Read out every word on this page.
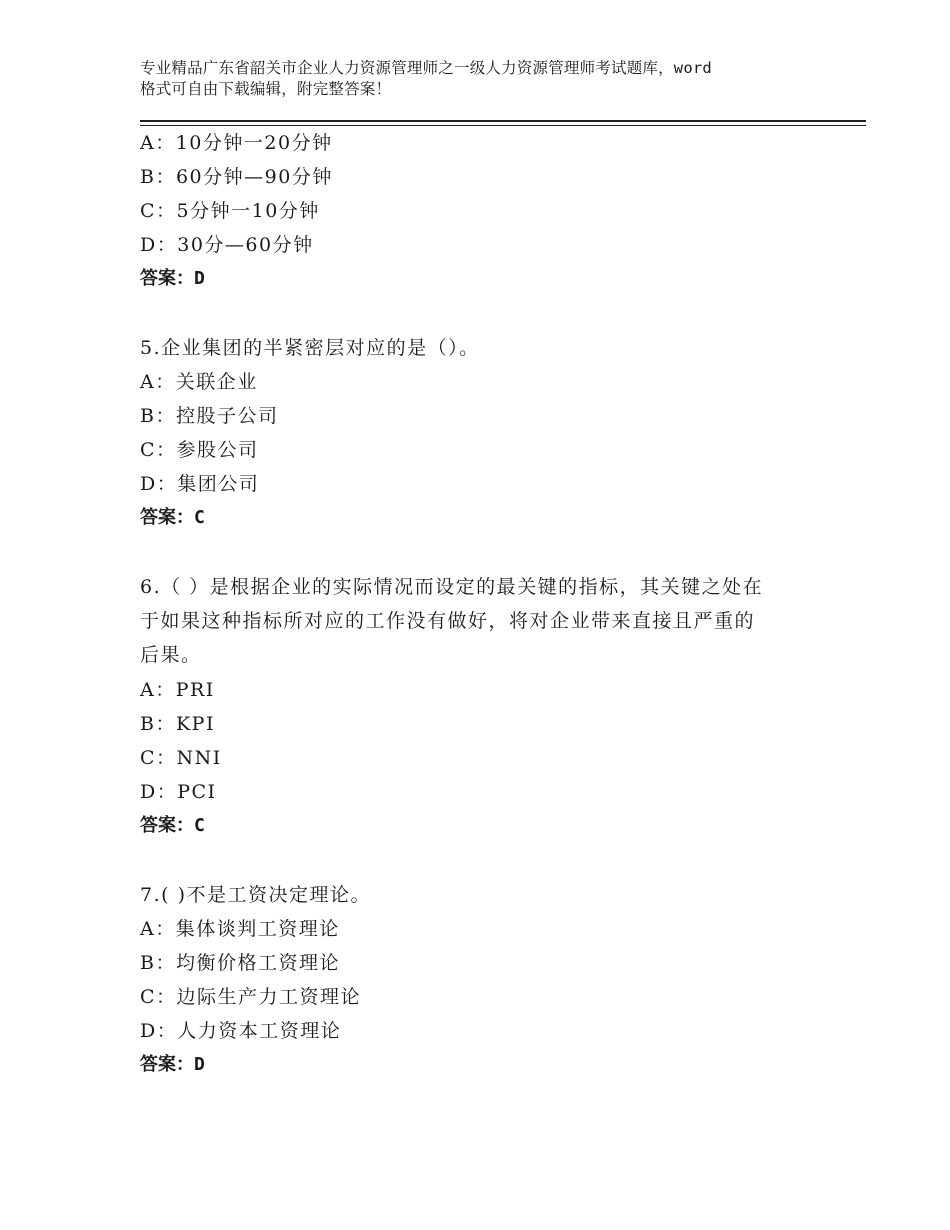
专业精品广东省韶关市企业人力资源管理师之一级人力资源管理师考试题库，word
格式可自由下载编辑，附完整答案！
A：10分钟一20分钟
B：60分钟—90分钟
C：5分钟一10分钟
D：30分—60分钟
答案：D
5.企业集团的半紧密层对应的是（）。
A：关联企业
B：控股子公司
C：参股公司
D：集团公司
答案：C
6.（ ）是根据企业的实际情况而设定的最关键的指标，其关键之处在
于如果这种指标所对应的工作没有做好，将对企业带来直接且严重的
后果。
A：PRI
B：KPI
C：NNI
D：PCI
答案：C
7.( )不是工资决定理论。
A：集体谈判工资理论
B：均衡价格工资理论
C：边际生产力工资理论
D：人力资本工资理论
答案：D
